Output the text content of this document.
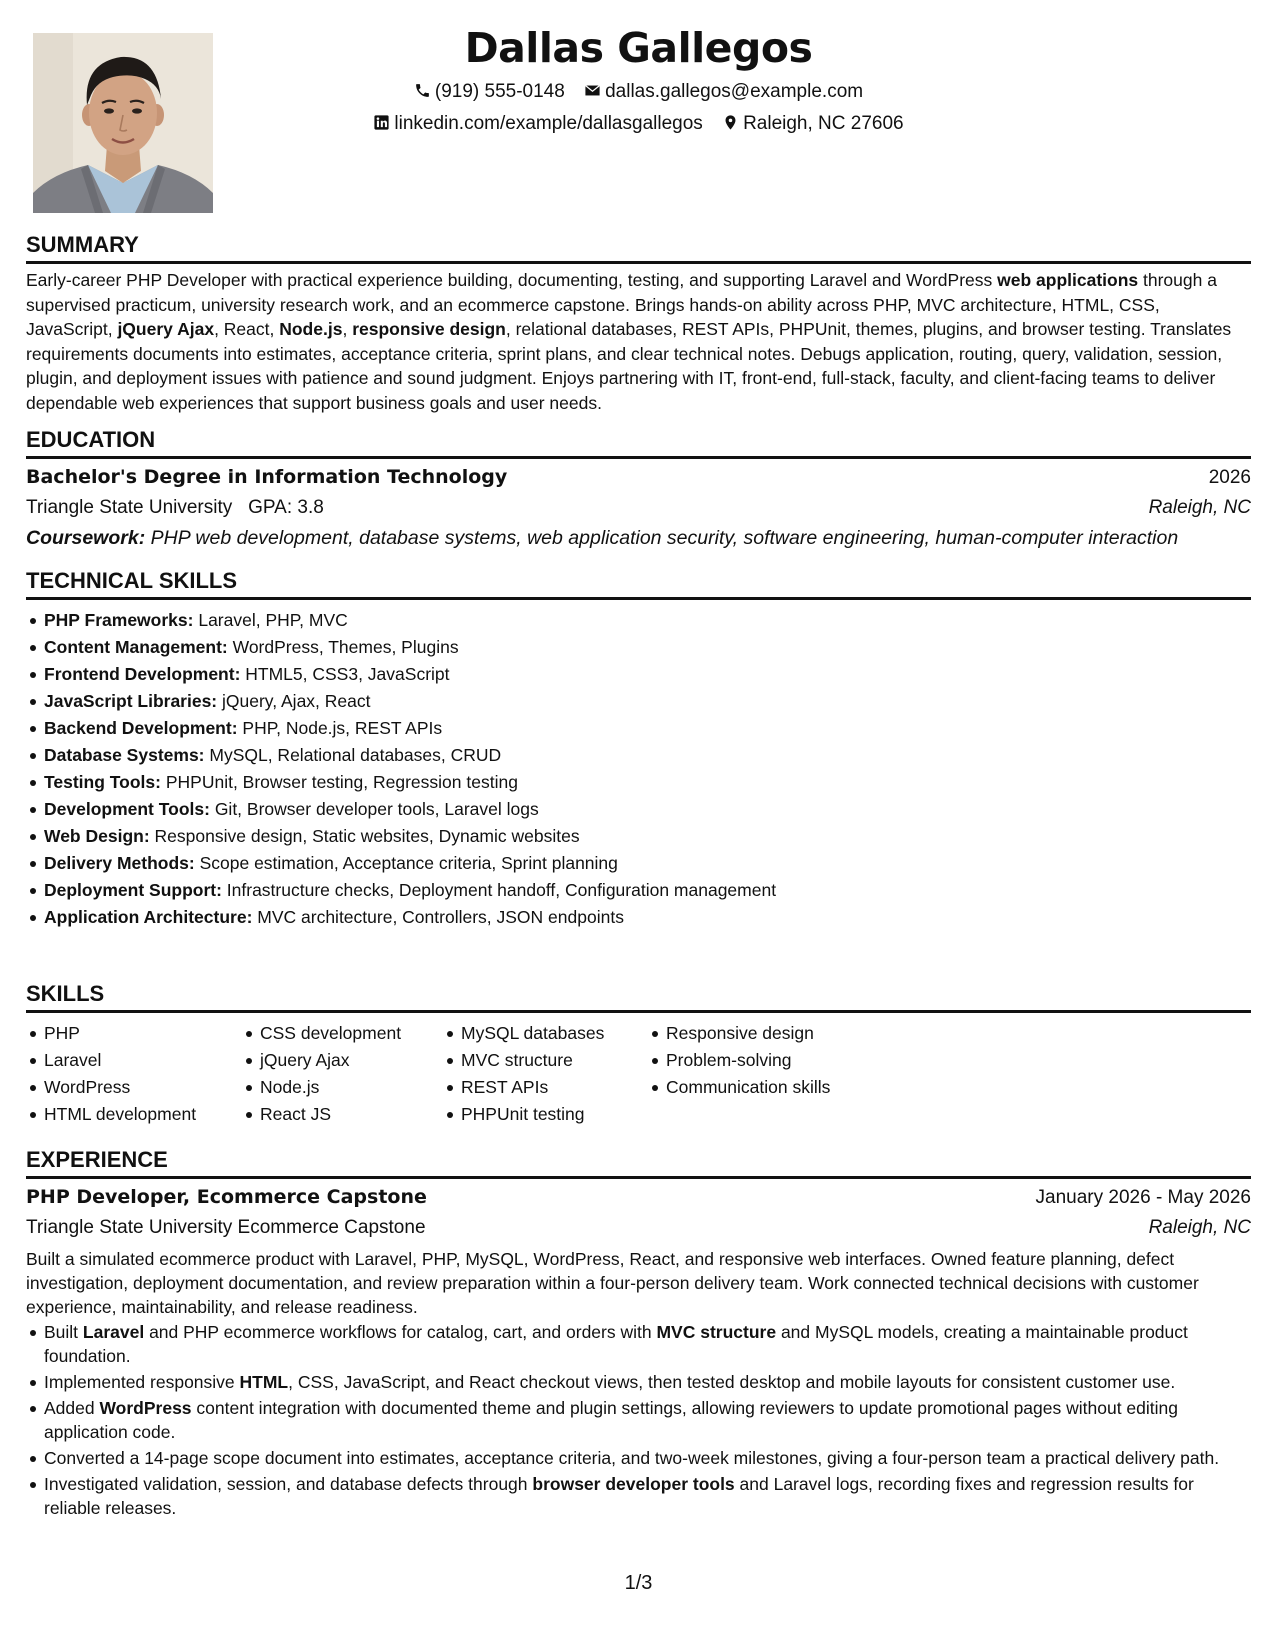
Dallas Gallegos
(919) 555-0148 dallas.gallegos@example.com
linkedin.com/example/dallasgallegos Raleigh, NC 27606
SUMMARY

Early-career PHP Developer with practical experience building, documenting, testing, and supporting Laravel and WordPress web applications through a supervised practicum, university research work, and an ecommerce capstone. Brings hands-on ability across PHP, MVC architecture, HTML, CSS, JavaScript, jQuery Ajax, React, Node.js, responsive design, relational databases, REST APIs, PHPUnit, themes, plugins, and browser testing. Translates requirements documents into estimates, acceptance criteria, sprint plans, and clear technical notes. Debugs application, routing, query, validation, session, plugin, and deployment issues with patience and sound judgment. Enjoys partnering with IT, front-end, full-stack, faculty, and client-facing teams to deliver dependable web experiences that support business goals and user needs.

EDUCATION
Bachelor's Degree in Information Technology	2026
Triangle State University GPA: 3.8	Raleigh, NC
Coursework: PHP web development, database systems, web application security, software engineering, human-computer interaction
TECHNICAL SKILLS
PHP Frameworks: Laravel, PHP, MVC
Content Management: WordPress, Themes, Plugins
Frontend Development: HTML5, CSS3, JavaScript
JavaScript Libraries: jQuery, Ajax, React
Backend Development: PHP, Node.js, REST APIs
Database Systems: MySQL, Relational databases, CRUD
Testing Tools: PHPUnit, Browser testing, Regression testing
Development Tools: Git, Browser developer tools, Laravel logs
Web Design: Responsive design, Static websites, Dynamic websites
Delivery Methods: Scope estimation, Acceptance criteria, Sprint planning
Deployment Support: Infrastructure checks, Deployment handoff, Configuration management
Application Architecture: MVC architecture, Controllers, JSON endpoints
SKILLS
PHP
Laravel
WordPress
HTML development
CSS development
jQuery Ajax
Node.js
React JS
MySQL databases
MVC structure
REST APIs
PHPUnit testing
Responsive design
Problem-solving
Communication skills
EXPERIENCE
PHP Developer, Ecommerce Capstone	January 2026 - May 2026
Triangle State University Ecommerce Capstone	Raleigh, NC

Built a simulated ecommerce product with Laravel, PHP, MySQL, WordPress, React, and responsive web interfaces. Owned feature planning, defect investigation, deployment documentation, and review preparation within a four-person delivery team. Work connected technical decisions with customer experience, maintainability, and release readiness.

Built Laravel and PHP ecommerce workflows for catalog, cart, and orders with MVC structure and MySQL models, creating a maintainable product foundation.
Implemented responsive HTML, CSS, JavaScript, and React checkout views, then tested desktop and mobile layouts for consistent customer use.
Added WordPress content integration with documented theme and plugin settings, allowing reviewers to update promotional pages without editing application code.
Converted a 14-page scope document into estimates, acceptance criteria, and two-week milestones, giving a four-person team a practical delivery path.
Investigated validation, session, and database defects through browser developer tools and Laravel logs, recording fixes and regression results for reliable releases.
1/3
